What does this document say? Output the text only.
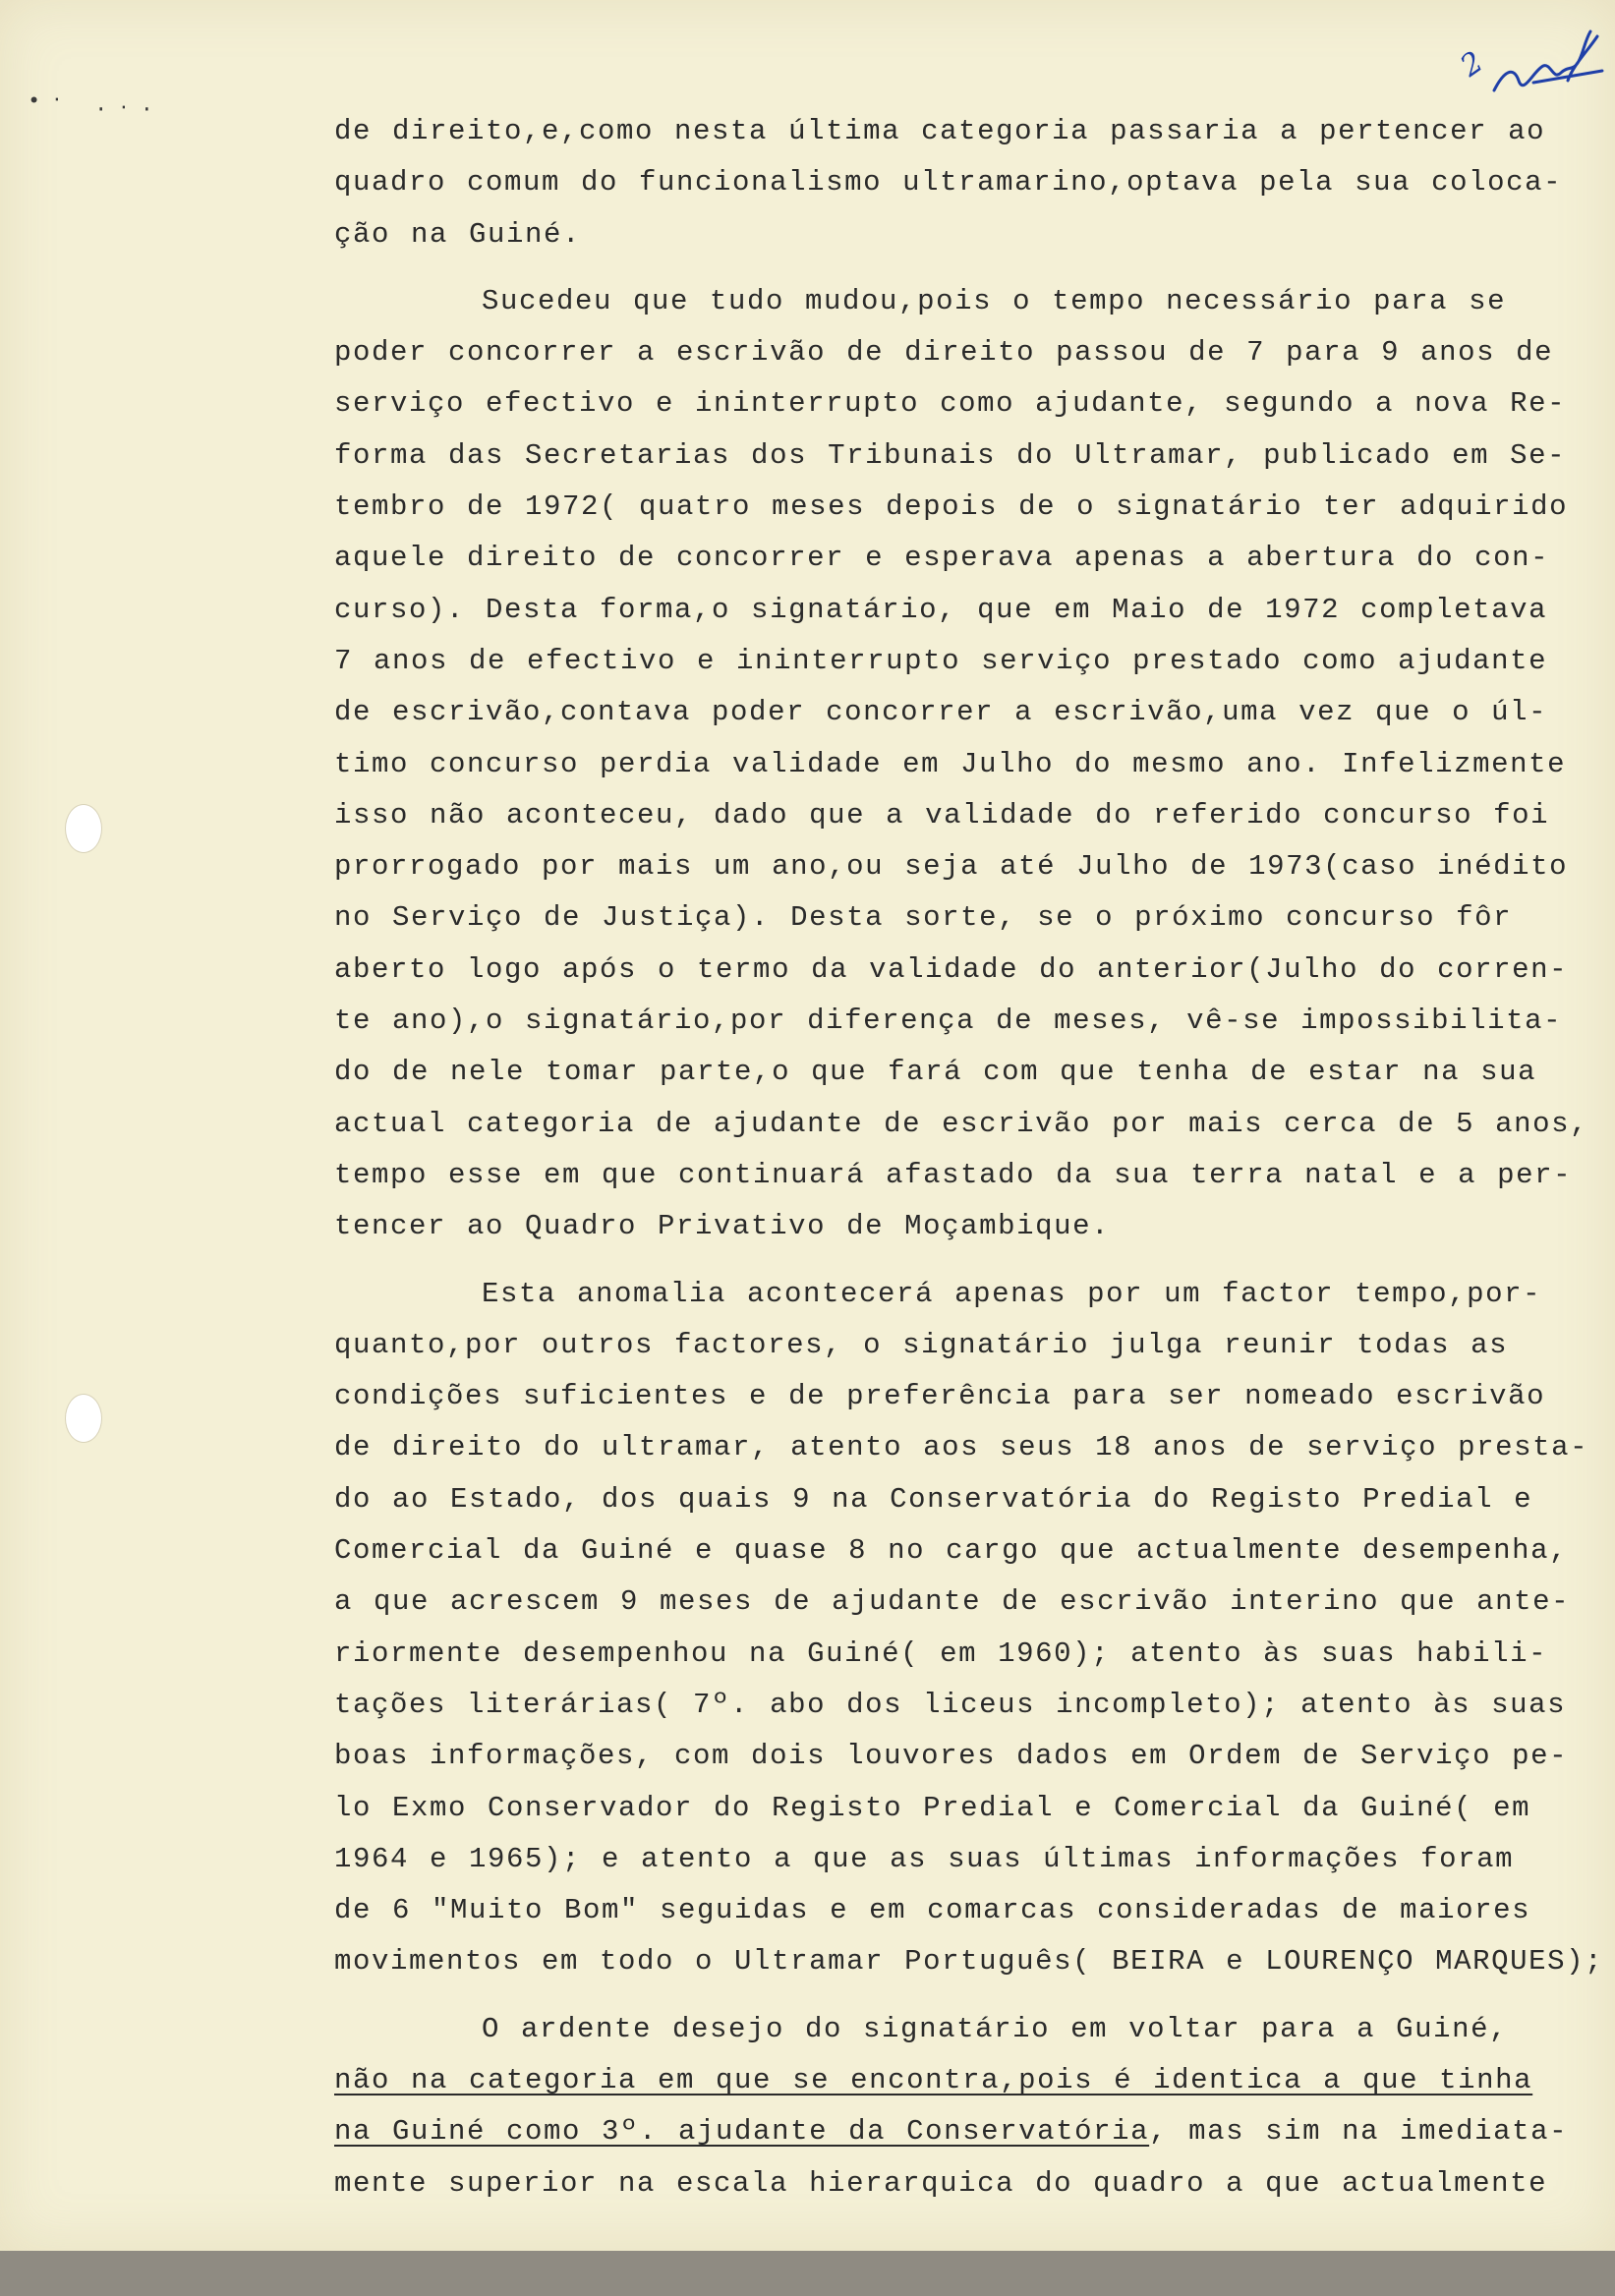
• ‧ ∙ ‧ ∙
2

de direito,e,como nesta última categoria passaria a pertencer ao
quadro comum do funcionalismo ultramarino,optava pela sua coloca-
ção na Guiné.

Sucedeu que tudo mudou,pois o tempo necessário para se
poder concorrer a escrivão de direito passou de 7 para 9 anos de
serviço efectivo e ininterrupto como ajudante, segundo a nova Re-
forma das Secretarias dos Tribunais do Ultramar, publicado em Se-
tembro de 1972( quatro meses depois de o signatário ter adquirido
aquele direito de concorrer e esperava apenas a abertura do con-
curso). Desta forma,o signatário, que em Maio de 1972 completava
7 anos de efectivo e ininterrupto serviço prestado como ajudante
de escrivão,contava poder concorrer a escrivão,uma vez que o úl-
timo concurso perdia validade em Julho do mesmo ano. Infelizmente
isso não aconteceu, dado que a validade do referido concurso foi
prorrogado por mais um ano,ou seja até Julho de 1973(caso inédito
no Serviço de Justiça). Desta sorte, se o próximo concurso fôr
aberto logo após o termo da validade do anterior(Julho do corren-
te ano),o signatário,por diferença de meses, vê-se impossibilita-
do de nele tomar parte,o que fará com que tenha de estar na sua
actual categoria de ajudante de escrivão por mais cerca de 5 anos,
tempo esse em que continuará afastado da sua terra natal e a per-
tencer ao Quadro Privativo de Moçambique.

Esta anomalia acontecerá apenas por um factor tempo,por-
quanto,por outros factores, o signatário julga reunir todas as
condições suficientes e de preferência para ser nomeado escrivão
de direito do ultramar, atento aos seus 18 anos de serviço presta-
do ao Estado, dos quais 9 na Conservatória do Registo Predial e
Comercial da Guiné e quase 8 no cargo que actualmente desempenha,
a que acrescem 9 meses de ajudante de escrivão interino que ante-
riormente desempenhou na Guiné( em 1960); atento às suas habili-
tações literárias( 7º. abo dos liceus incompleto); atento às suas
boas informações, com dois louvores dados em Ordem de Serviço pe-
lo Exmo Conservador do Registo Predial e Comercial da Guiné( em
1964 e 1965); e atento a que as suas últimas informações foram
de 6 "Muito Bom" seguidas e em comarcas consideradas de maiores
movimentos em todo o Ultramar Português( BEIRA e LOURENÇO MARQUES);

O ardente desejo do signatário em voltar para a Guiné,
não na categoria em que se encontra,pois é identica a que tinha
na Guiné como 3º. ajudante da Conservatória, mas sim na imediata-
mente superior na escala hierarquica do quadro a que actualmente
